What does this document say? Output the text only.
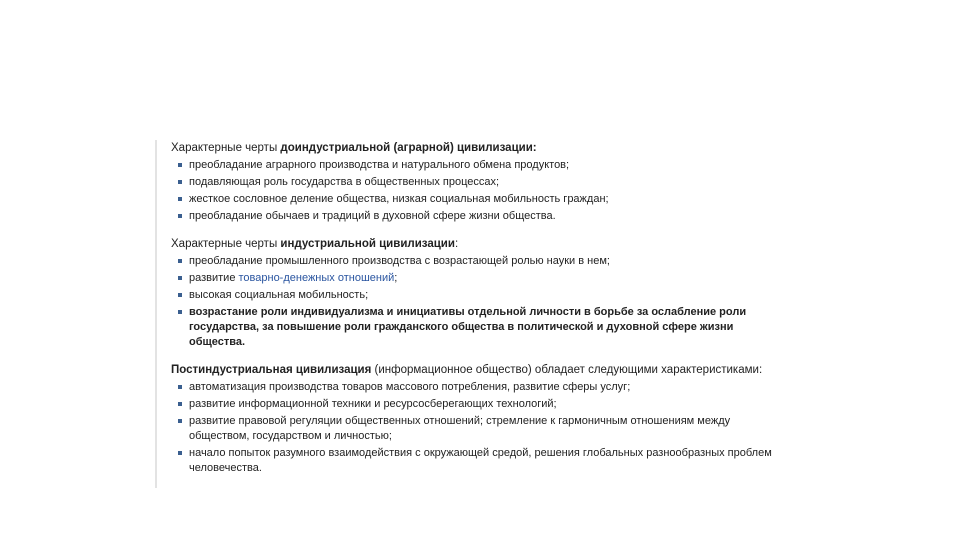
Характерные черты доиндустриальной (аграрной) цивилизации:

преобладание аграрного производства и натурального обмена продуктов;
подавляющая роль государства в общественных процессах;
жесткое сословное деление общества, низкая социальная мобильность граждан;
преобладание обычаев и традиций в духовной сфере жизни общества.

Характерные черты индустриальной цивилизации:

преобладание промышленного производства с возрастающей ролью науки в нем;
развитие товарно-денежных отношений;
высокая социальная мобильность;
возрастание роли индивидуализма и инициативы отдельной личности в борьбе за ослабление роли государства, за повышение роли гражданского общества в политической и духовной сфере жизни общества.

Постиндустриальная цивилизация (информационное общество) обладает следующими характеристиками:

автоматизация производства товаров массового потребления, развитие сферы услуг;
развитие информационной техники и ресурсосберегающих технологий;
развитие правовой регуляции общественных отношений; стремление к гармоничным отношениям между обществом, государством и личностью;
начало попыток разумного взаимодействия с окружающей средой, решения глобальных разнообразных проблем человечества.
